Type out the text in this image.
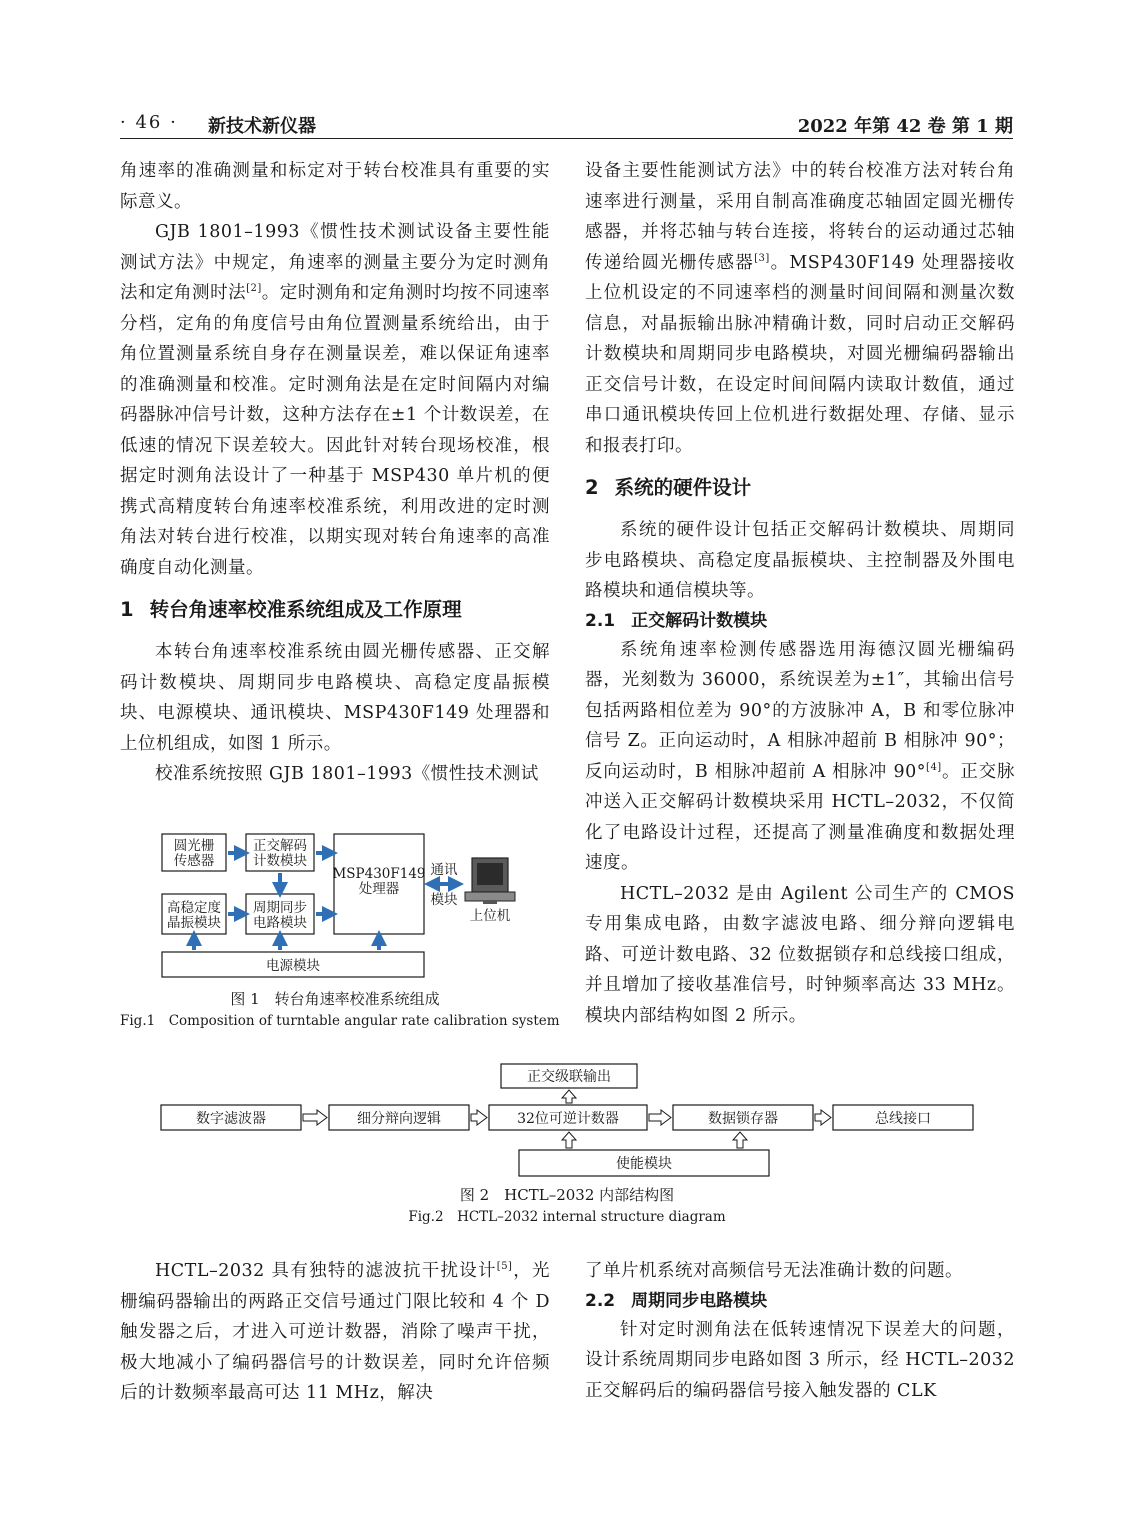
· 46 · 新技术新仪器	2022 年第 42 卷 第 1 期

角速率的准确测量和标定对于转台校准具有重要的实际意义。

GJB 1801–1993《惯性技术测试设备主要性能测试方法》中规定，角速率的测量主要分为定时测角法和定角测时法[2]。定时测角和定角测时均按不同速率分档，定角的角度信号由角位置测量系统给出，由于角位置测量系统自身存在测量误差，难以保证角速率的准确测量和校准。定时测角法是在定时间隔内对编码器脉冲信号计数，这种方法存在±1 个计数误差，在低速的情况下误差较大。因此针对转台现场校准，根据定时测角法设计了一种基于 MSP430 单片机的便携式高精度转台角速率校准系统，利用改进的定时测角法对转台进行校准，以期实现对转台角速率的高准确度自动化测量。

1 转台角速率校准系统组成及工作原理

本转台角速率校准系统由圆光栅传感器、正交解码计数模块、周期同步电路模块、高稳定度晶振模块、电源模块、通讯模块、MSP430F149 处理器和上位机组成，如图 1 所示。

校准系统按照 GJB 1801–1993《惯性技术测试

圆光栅
传感器
正交解码
计数模块
高稳定度
晶振模块
周期同步
电路模块
MSP430F149
处理器
电源模块
通讯
模块
上位机
图 1　转台角速率校准系统组成
Fig.1　Composition of turntable angular rate calibration system

设备主要性能测试方法》中的转台校准方法对转台角速率进行测量，采用自制高准确度芯轴固定圆光栅传感器，并将芯轴与转台连接，将转台的运动通过芯轴传递给圆光栅传感器[3]。MSP430F149 处理器接收上位机设定的不同速率档的测量时间间隔和测量次数信息，对晶振输出脉冲精确计数，同时启动正交解码计数模块和周期同步电路模块，对圆光栅编码器输出正交信号计数，在设定时间间隔内读取计数值，通过串口通讯模块传回上位机进行数据处理、存储、显示和报表打印。

2 系统的硬件设计

系统的硬件设计包括正交解码计数模块、周期同步电路模块、高稳定度晶振模块、主控制器及外围电路模块和通信模块等。

2.1 正交解码计数模块

系统角速率检测传感器选用海德汉圆光栅编码器，光刻数为 36000，系统误差为±1″，其输出信号包括两路相位差为 90°的方波脉冲 A，B 和零位脉冲信号 Z。正向运动时，A 相脉冲超前 B 相脉冲 90°；反向运动时，B 相脉冲超前 A 相脉冲 90°[4]。正交脉冲送入正交解码计数模块采用 HCTL–2032，不仅简化了电路设计过程，还提高了测量准确度和数据处理速度。

HCTL–2032 是由 Agilent 公司生产的 CMOS 专用集成电路，由数字滤波电路、细分辩向逻辑电路、可逆计数电路、32 位数据锁存和总线接口组成，并且增加了接收基准信号，时钟频率高达 33 MHz。模块内部结构如图 2 所示。

正交级联输出
数字滤波器	细分辩向逻辑	32位可逆计数器	数据锁存器	总线接口
使能模块
图 2　HCTL–2032 内部结构图
Fig.2　HCTL–2032 internal structure diagram

HCTL–2032 具有独特的滤波抗干扰设计[5]，光栅编码器输出的两路正交信号通过门限比较和 4 个 D 触发器之后，才进入可逆计数器，消除了噪声干扰，极大地减小了编码器信号的计数误差，同时允许倍频后的计数频率最高可达 11 MHz，解决

了单片机系统对高频信号无法准确计数的问题。

2.2 周期同步电路模块

针对定时测角法在低转速情况下误差大的问题，设计系统周期同步电路如图 3 所示，经 HCTL–2032 正交解码后的编码器信号接入触发器的 CLK
